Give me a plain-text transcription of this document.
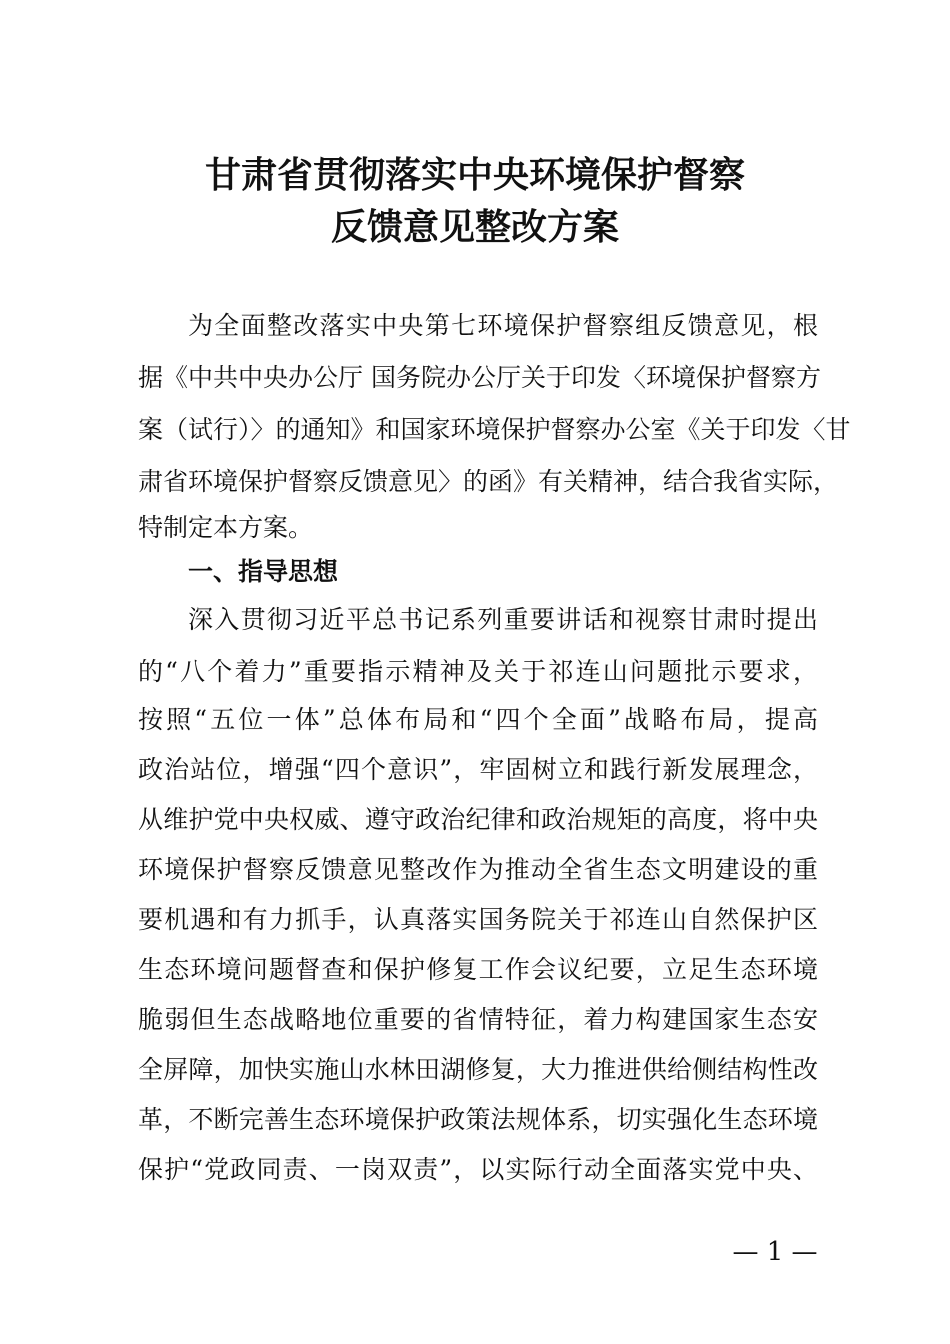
甘肃省贯彻落实中央环境保护督察
反馈意见整改方案
为全面整改落实中央第七环境保护督察组反馈意见，根
据《中共中央办公厅 国务院办公厅关于印发〈环境保护督察方
案（试行）〉的通知》和国家环境保护督察办公室《关于印发〈甘
肃省环境保护督察反馈意见〉的函》有关精神，结合我省实际，
特制定本方案。
一、指导思想
深入贯彻习近平总书记系列重要讲话和视察甘肃时提出
的“八个着力”重要指示精神及关于祁连山问题批示要求，
按照“五位一体”总体布局和“四个全面”战略布局，提高
政治站位，增强“四个意识”，牢固树立和践行新发展理念，
从维护党中央权威、遵守政治纪律和政治规矩的高度，将中央
环境保护督察反馈意见整改作为推动全省生态文明建设的重
要机遇和有力抓手，认真落实国务院关于祁连山自然保护区
生态环境问题督查和保护修复工作会议纪要，立足生态环境
脆弱但生态战略地位重要的省情特征，着力构建国家生态安
全屏障，加快实施山水林田湖修复，大力推进供给侧结构性改
革，不断完善生态环境保护政策法规体系，切实强化生态环境
保护“党政同责、一岗双责”，以实际行动全面落实党中央、
— 1 —
